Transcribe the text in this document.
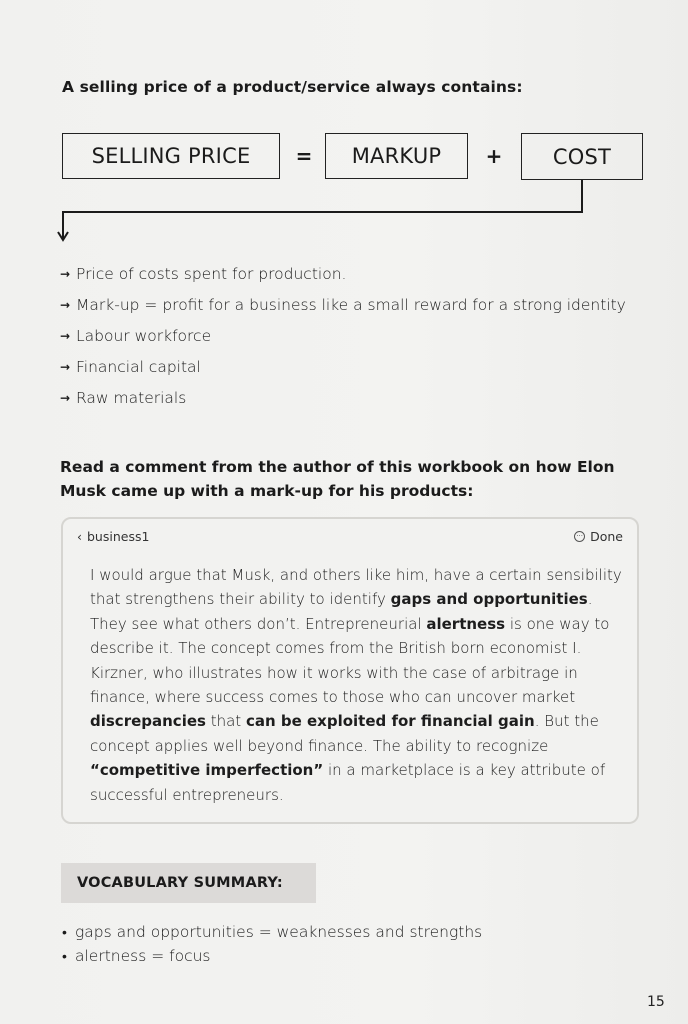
A selling price of a product/service always contains:
SELLING PRICE	=	MARKUP	+	COST
→ Price of costs spent for production.
→ Mark-up = profit for a business like a small reward for a strong identity
→ Labour workforce
→ Financial capital
→ Raw materials
Read a comment from the author of this workbook on how Elon Musk came up with a mark-up for his products:
‹ business1	··· Done
I would argue that Musk, and others like him, have a certain sensibility that strengthens their ability to identify gaps and opportunities. They see what others don’t. Entrepreneurial alertness is one way to describe it. The concept comes from the British born economist I. Kirzner, who illustrates how it works with the case of arbitrage in finance, where success comes to those who can uncover market discrepancies that can be exploited for financial gain. But the concept applies well beyond finance. The ability to recognize “competitive imperfection” in a marketplace is a key attribute of successful entrepreneurs.
VOCABULARY SUMMARY:
• gaps and opportunities = weaknesses and strengths
• alertness = focus
15
